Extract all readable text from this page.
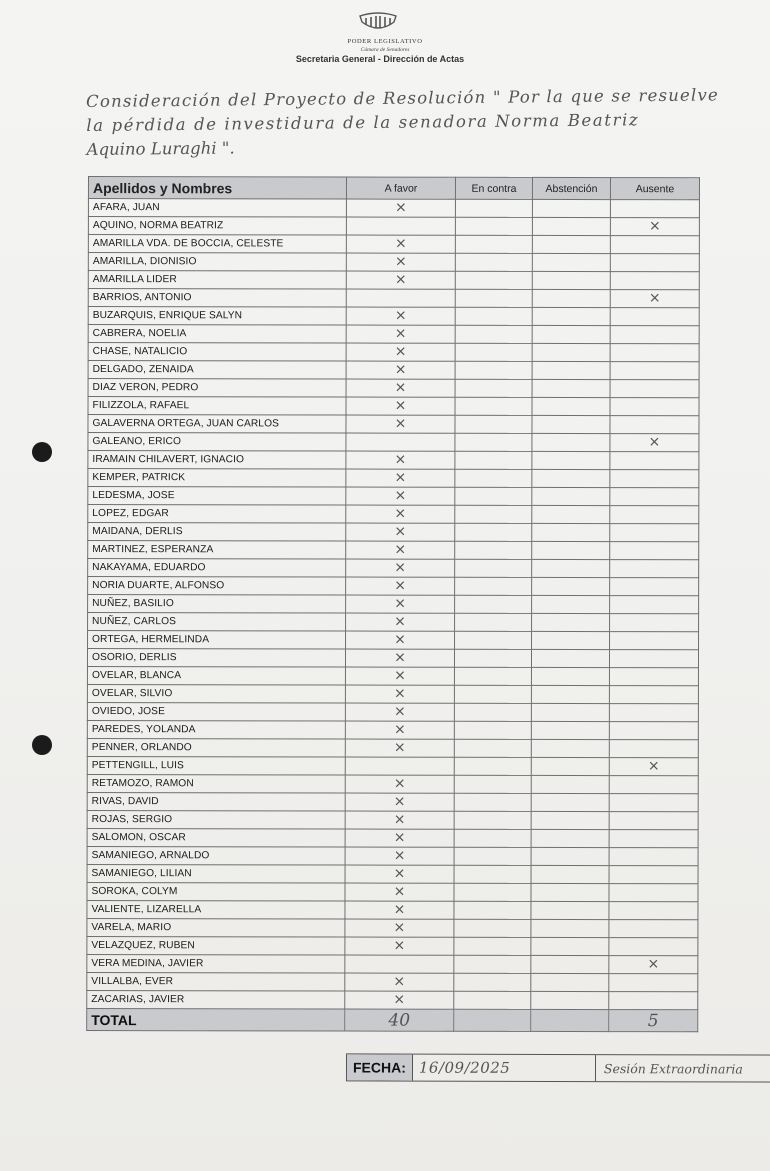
PODER LEGISLATIVO
Cámara de Senadores
Secretaria General - Dirección de Actas
Consideración del Proyecto de Resolución " Por la que se resuelve
la pérdida de investidura de la senadora Norma Beatriz
Aquino Luraghi ".
Apellidos y Nombres	A favor	En contra	Abstención	Ausente
AFARA, JUAN	×			
AQUINO, NORMA BEATRIZ				×
AMARILLA VDA. DE BOCCIA, CELESTE	×			
AMARILLA, DIONISIO	×			
AMARILLA LIDER	×			
BARRIOS, ANTONIO				×
BUZARQUIS, ENRIQUE SALYN	×			
CABRERA, NOELIA	×			
CHASE, NATALICIO	×			
DELGADO, ZENAIDA	×			
DIAZ VERON, PEDRO	×			
FILIZZOLA, RAFAEL	×			
GALAVERNA ORTEGA, JUAN CARLOS	×			
GALEANO, ERICO				×
IRAMAIN CHILAVERT, IGNACIO	×			
KEMPER, PATRICK	×			
LEDESMA, JOSE	×			
LOPEZ, EDGAR	×			
MAIDANA, DERLIS	×			
MARTINEZ, ESPERANZA	×			
NAKAYAMA, EDUARDO	×			
NORIA DUARTE, ALFONSO	×			
NUÑEZ, BASILIO	×			
NUÑEZ, CARLOS	×			
ORTEGA, HERMELINDA	×			
OSORIO, DERLIS	×			
OVELAR, BLANCA	×			
OVELAR, SILVIO	×			
OVIEDO, JOSE	×			
PAREDES, YOLANDA	×			
PENNER, ORLANDO	×			
PETTENGILL, LUIS				×
RETAMOZO, RAMON	×			
RIVAS, DAVID	×			
ROJAS, SERGIO	×			
SALOMON, OSCAR	×			
SAMANIEGO, ARNALDO	×			
SAMANIEGO, LILIAN	×			
SOROKA, COLYM	×			
VALIENTE, LIZARELLA	×			
VARELA, MARIO	×			
VELAZQUEZ, RUBEN	×			
VERA MEDINA, JAVIER				×
VILLALBA, EVER	×			
ZACARIAS, JAVIER	×			
TOTAL	40			5
FECHA: 16/09/2025	Sesión Extraordinaria
